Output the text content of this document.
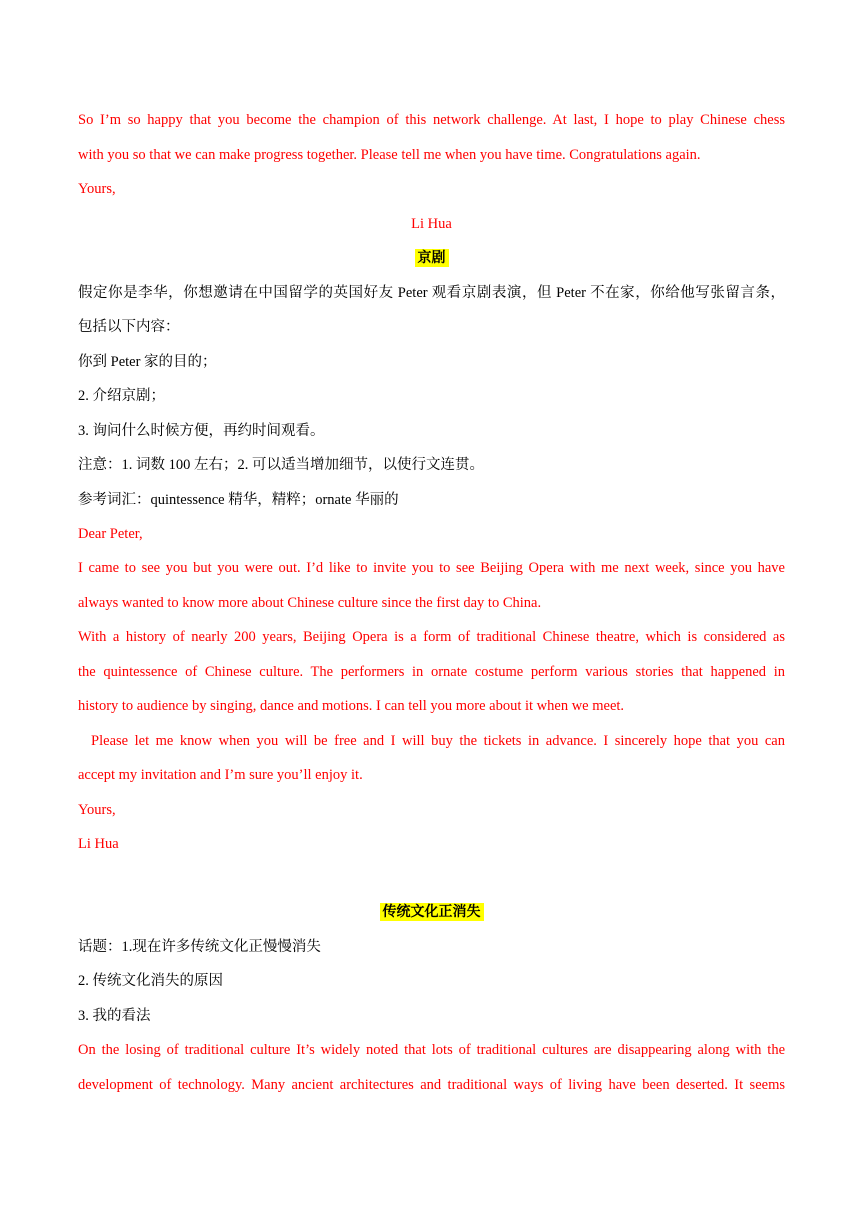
So I’m so happy that you become the champion of this network challenge. At last, I hope to play Chinese chess
with you so that we can make progress together. Please tell me when you have time. Congratulations again.
Yours,
Li Hua
京剧
假定你是李华，你想邀请在中国留学的英国好友 Peter 观看京剧表演，但 Peter 不在家，你给他写张留言条，
包括以下内容：
你到 Peter 家的目的；
2. 介绍京剧；
3. 询问什么时候方便，再约时间观看。
注意：1. 词数 100 左右；2. 可以适当增加细节，以使行文连贯。
参考词汇：quintessence 精华，精粹；ornate 华丽的
Dear Peter,
I came to see you but you were out. I’d like to invite you to see Beijing Opera with me next week, since you have
always wanted to know more about Chinese culture since the first day to China.
With a history of nearly 200 years, Beijing Opera is a form of traditional Chinese theatre, which is considered as
the quintessence of Chinese culture. The performers in ornate costume perform various stories that happened in
history to audience by singing, dance and motions. I can tell you more about it when we meet.
Please let me know when you will be free and I will buy the tickets in advance. I sincerely hope that you can
accept my invitation and I’m sure you’ll enjoy it.
Yours,
Li Hua
传统文化正消失
话题：1.现在许多传统文化正慢慢消失
2. 传统文化消失的原因
3. 我的看法
On the losing of traditional culture It’s widely noted that lots of traditional cultures are disappearing along with the
development of technology. Many ancient architectures and traditional ways of living have been deserted. It seems
